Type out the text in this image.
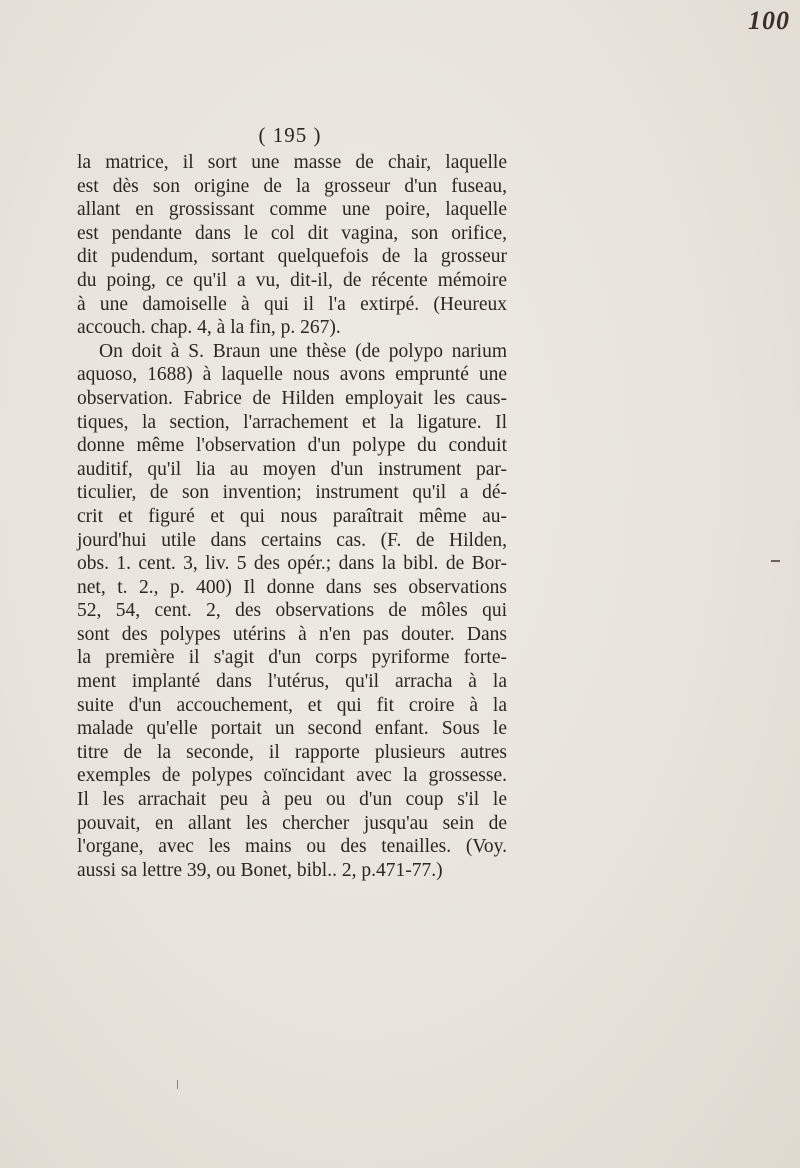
100
( 195 )
la matrice, il sort une masse de chair, laquelle
est dès son origine de la grosseur d'un fuseau,
allant en grossissant comme une poire, laquelle
est pendante dans le col dit vagina, son orifice,
dit pudendum, sortant quelquefois de la grosseur
du poing, ce qu'il a vu, dit-il, de récente mémoire
à une damoiselle à qui il l'a extirpé. (Heureux
accouch. chap. 4, à la fin, p. 267).
On doit à S. Braun une thèse (de polypo narium
aquoso, 1688) à laquelle nous avons emprunté une
observation. Fabrice de Hilden employait les caus-
tiques, la section, l'arrachement et la ligature. Il
donne même l'observation d'un polype du conduit
auditif, qu'il lia au moyen d'un instrument par-
ticulier, de son invention; instrument qu'il a dé-
crit et figuré et qui nous paraîtrait même au-
jourd'hui utile dans certains cas. (F. de Hilden,
obs. 1. cent. 3, liv. 5 des opér.; dans la bibl. de Bor-
net, t. 2., p. 400) Il donne dans ses observations
52, 54, cent. 2, des observations de môles qui
sont des polypes utérins à n'en pas douter. Dans
la première il s'agit d'un corps pyriforme forte-
ment implanté dans l'utérus, qu'il arracha à la
suite d'un accouchement, et qui fit croire à la
malade qu'elle portait un second enfant. Sous le
titre de la seconde, il rapporte plusieurs autres
exemples de polypes coïncidant avec la grossesse.
Il les arrachait peu à peu ou d'un coup s'il le
pouvait, en allant les chercher jusqu'au sein de
l'organe, avec les mains ou des tenailles. (Voy.
aussi sa lettre 39, ou Bonet, bibl.. 2, p.471-77.)
